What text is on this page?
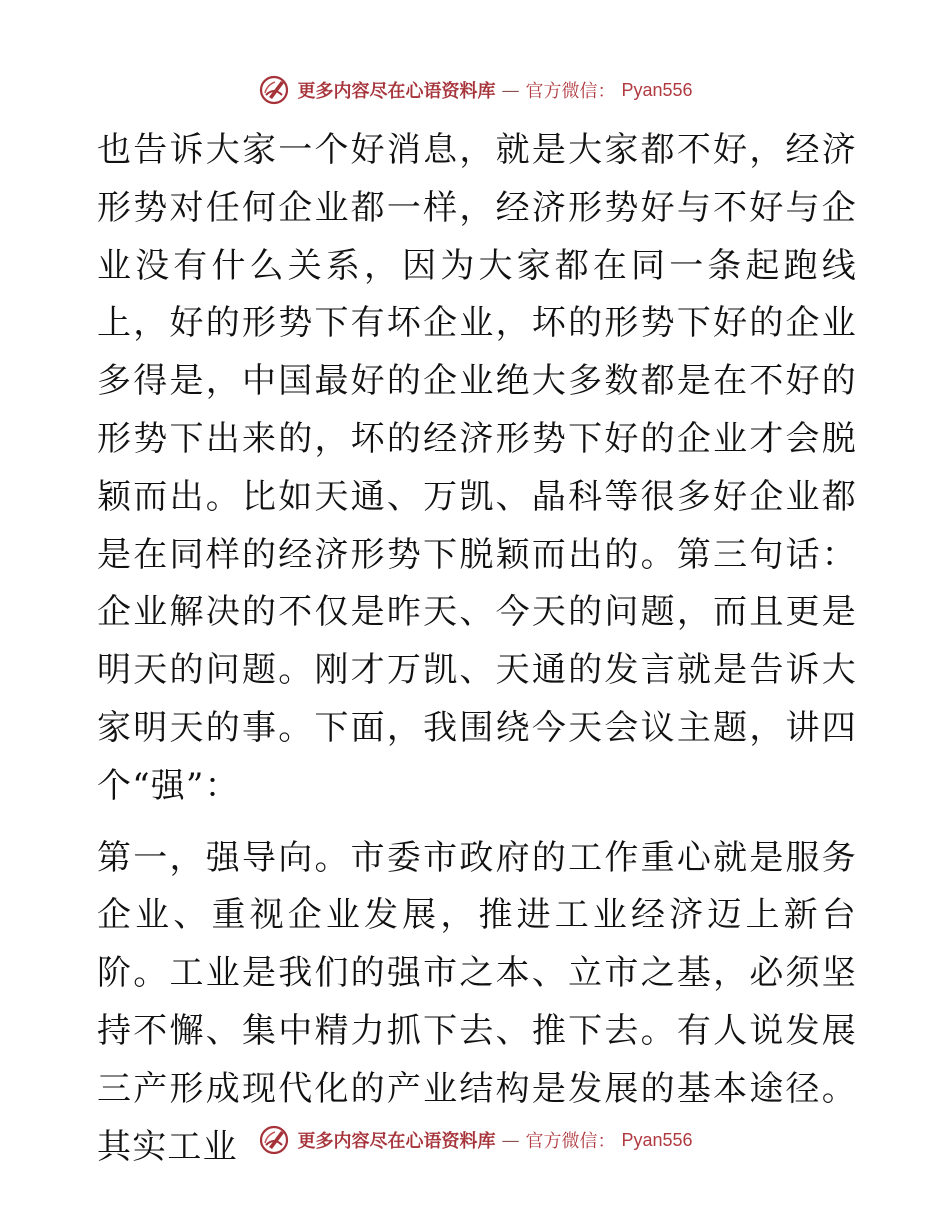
更多内容尽在心语资料库 — 官方微信： Pyan556

也告诉大家一个好消息，就是大家都不好，经济形势对任何企业都一样，经济形势好与不好与企业没有什么关系，因为大家都在同一条起跑线上，好的形势下有坏企业，坏的形势下好的企业多得是，中国最好的企业绝大多数都是在不好的形势下出来的，坏的经济形势下好的企业才会脱颖而出。比如天通、万凯、晶科等很多好企业都是在同样的经济形势下脱颖而出的。第三句话：企业解决的不仅是昨天、今天的问题，而且更是明天的问题。刚才万凯、天通的发言就是告诉大家明天的事。下面，我围绕今天会议主题，讲四个“强”：

第一，强导向。市委市政府的工作重心就是服务企业、重视企业发展，推进工业经济迈上新台阶。工业是我们的强市之本、立市之基，必须坚持不懈、集中精力抓下去、推下去。有人说发展三产形成现代化的产业结构是发展的基本途径。其实工业	更多内容尽在心语资料库 — 官方微信： Pyan556
